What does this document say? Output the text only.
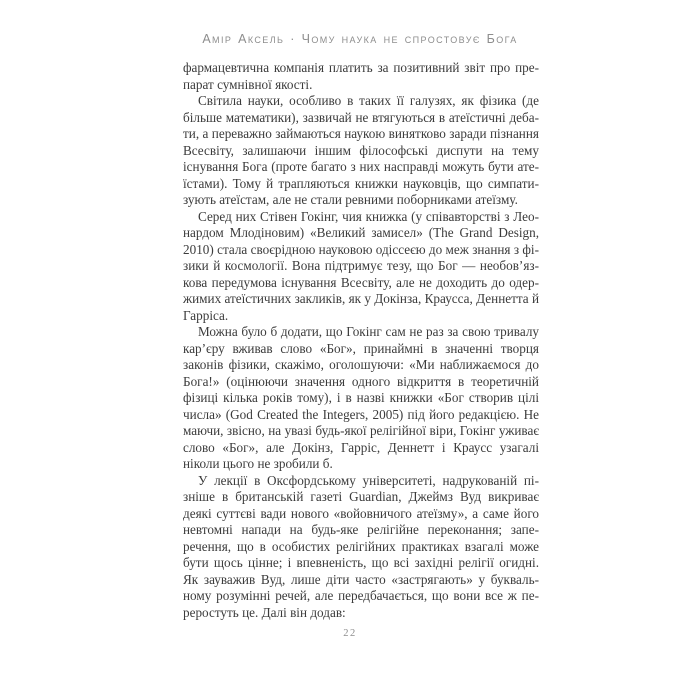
Амір Аксель · Чому наука не спростовує Бога

фармацевтична компанія платить за позитивний звіт про препарат сумнівної якості.

Світила науки, особливо в таких її галузях, як фізика (де більше математики), зазвичай не втягуються в атеїстичні дебати, а переважно займаються наукою винятково заради пізнання Всесвіту, залишаючи іншим філософські диспути на тему існування Бога (проте багато з них насправді можуть бути атеїстами). Тому й трапляються книжки науковців, що симпатизують атеїстам, але не стали ревними поборниками атеїзму.

Серед них Стівен Гокінг, чия книжка (у співавторстві з Леонардом Млодіновим) «Великий замисел» (The Grand Design, 2010) стала своєрідною науковою одіссеєю до меж знання з фізики й космології. Вона підтримує тезу, що Бог — необов’язкова передумова існування Всесвіту, але не доходить до одержимих атеїстичних закликів, як у Докінза, Краусса, Деннетта й Гарріса.

Можна було б додати, що Гокінг сам не раз за свою тривалу кар’єру вживав слово «Бог», принаймні в значенні творця законів фізики, скажімо, оголошуючи: «Ми наближаємося до Бога!» (оцінюючи значення одного відкриття в теоретичній фізиці кілька років тому), і в назві книжки «Бог створив цілі числа» (God Created the Integers, 2005) під його редакцією. Не маючи, звісно, на увазі будь-якої релігійної віри, Гокінг уживає слово «Бог», але Докінз, Гарріс, Деннетт і Краусс узагалі ніколи цього не зробили б.

У лекції в Оксфордському університеті, надрукованій пізніше в британській газеті Guardian, Джеймз Вуд викриває деякі суттєві вади нового «войовничого атеїзму», а саме його невтомні напади на будь-яке релігійне переконання; заперечення, що в особистих релігійних практиках взагалі може бути щось цінне; і впевненість, що всі західні релігії огидні. Як зауважив Вуд, лише діти часто «застрягають» у буквальному розумінні речей, але передбачається, що вони все ж переростуть це. Далі він додав:

22
